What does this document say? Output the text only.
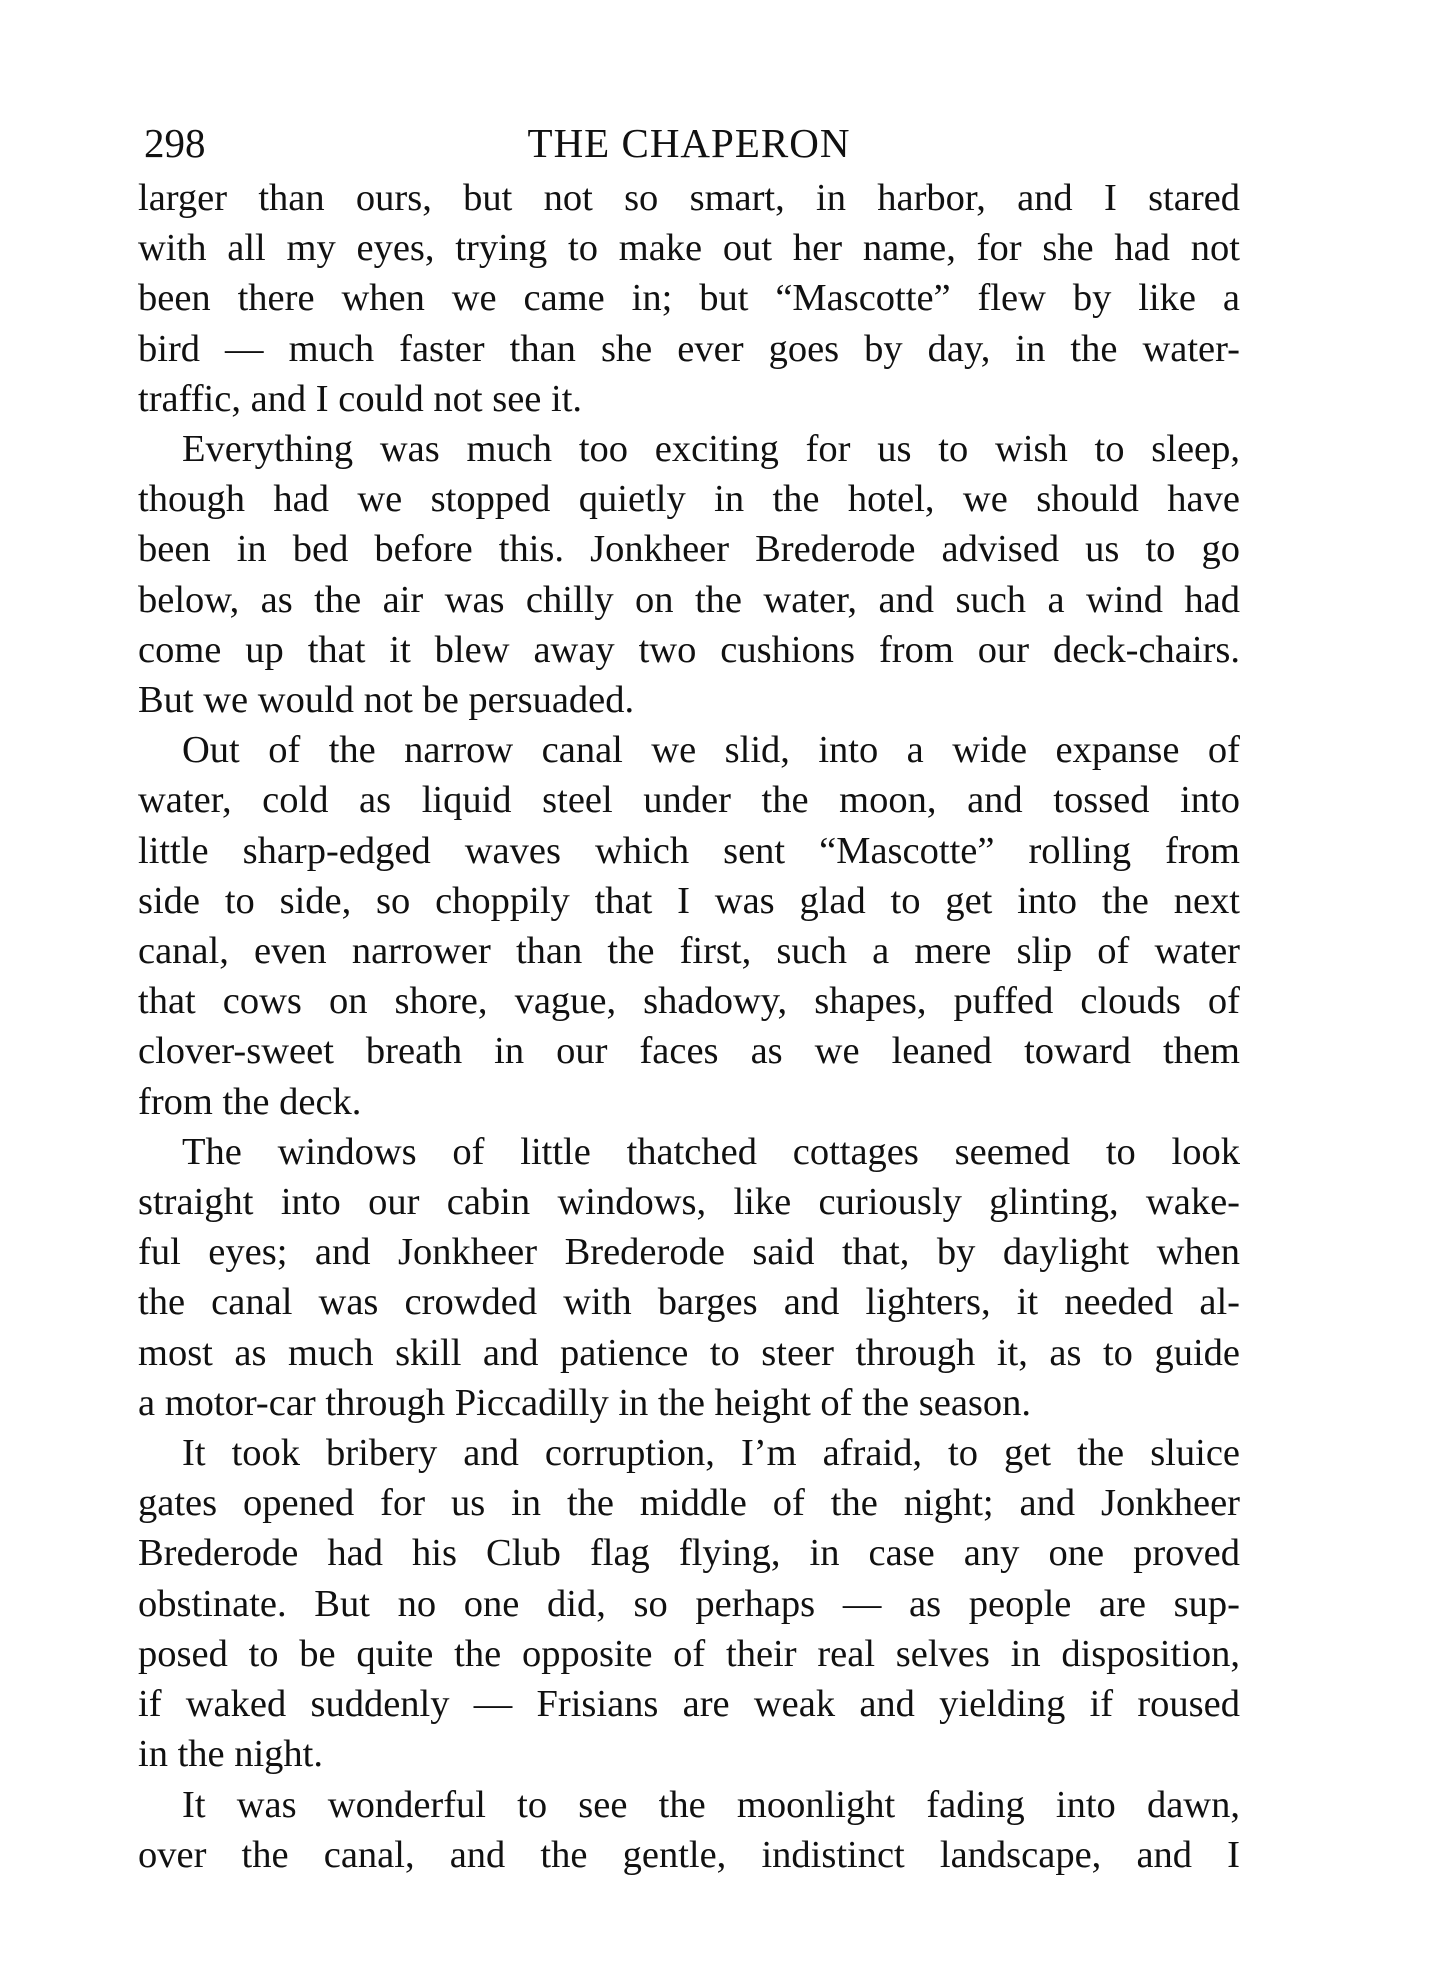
298	THE CHAPERON

larger than ours, but not so smart, in harbor, and I stared
with all my eyes, trying to make out her name, for she had not
been there when we came in; but “Mascotte” flew by like a
bird — much faster than she ever goes by day, in the water-
traffic, and I could not see it.

Everything was much too exciting for us to wish to sleep,
though had we stopped quietly in the hotel, we should have
been in bed before this. Jonkheer Brederode advised us to go
below, as the air was chilly on the water, and such a wind had
come up that it blew away two cushions from our deck-chairs.
But we would not be persuaded.

Out of the narrow canal we slid, into a wide expanse of
water, cold as liquid steel under the moon, and tossed into
little sharp-edged waves which sent “Mascotte” rolling from
side to side, so choppily that I was glad to get into the next
canal, even narrower than the first, such a mere slip of water
that cows on shore, vague, shadowy, shapes, puffed clouds of
clover-sweet breath in our faces as we leaned toward them
from the deck.

The windows of little thatched cottages seemed to look
straight into our cabin windows, like curiously glinting, wake-
ful eyes; and Jonkheer Brederode said that, by daylight when
the canal was crowded with barges and lighters, it needed al-
most as much skill and patience to steer through it, as to guide
a motor-car through Piccadilly in the height of the season.

It took bribery and corruption, I’m afraid, to get the sluice
gates opened for us in the middle of the night; and Jonkheer
Brederode had his Club flag flying, in case any one proved
obstinate. But no one did, so perhaps — as people are sup-
posed to be quite the opposite of their real selves in disposition,
if waked suddenly — Frisians are weak and yielding if roused
in the night.

It was wonderful to see the moonlight fading into dawn,
over the canal, and the gentle, indistinct landscape, and I
